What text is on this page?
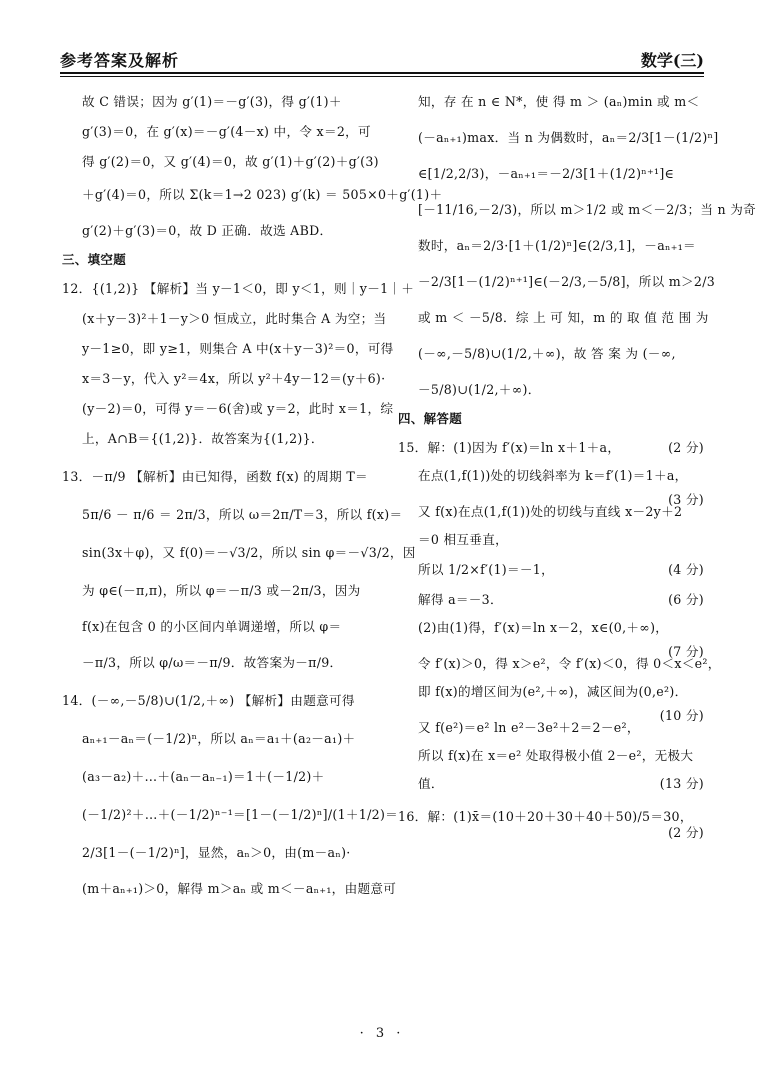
参考答案及解析	数学(三)

故 C 错误；因为 g′(1)＝－g′(3)，得 g′(1)＋

g′(3)＝0，在 g′(x)＝－g′(4－x) 中，令 x＝2，可

得 g′(2)＝0，又 g′(4)＝0，故 g′(1)＋g′(2)＋g′(3)

＋g′(4)＝0，所以 Σ(k＝1→2 023) g′(k) ＝ 505×0＋g′(1)＋

g′(2)＋g′(3)＝0，故 D 正确．故选 ABD．

三、填空题

12．{(1,2)} 【解析】当 y－1＜0，即 y＜1，则｜y－1｜＋

(x＋y－3)²＋1－y＞0 恒成立，此时集合 A 为空；当

y－1≥0，即 y≥1，则集合 A 中(x＋y－3)²＝0，可得

x＝3－y，代入 y²＝4x，所以 y²＋4y－12＝(y＋6)·

(y－2)＝0，可得 y＝－6(舍)或 y＝2，此时 x＝1，综

上，A∩B＝{(1,2)}．故答案为{(1,2)}．

13．－π/9 【解析】由已知得，函数 f(x) 的周期 T＝

5π/6 － π/6 ＝ 2π/3，所以 ω＝2π/T＝3，所以 f(x)＝

sin(3x＋φ)，又 f(0)＝－√3/2，所以 sin φ＝－√3/2，因

为 φ∈(－π,π)，所以 φ＝－π/3 或－2π/3，因为

f(x)在包含 0 的小区间内单调递增，所以 φ＝

－π/3，所以 φ/ω＝－π/9．故答案为－π/9．

14．(－∞,－5/8)∪(1/2,＋∞) 【解析】由题意可得

aₙ₊₁－aₙ＝(－1/2)ⁿ，所以 aₙ＝a₁＋(a₂－a₁)＋

(a₃－a₂)＋…＋(aₙ－aₙ₋₁)＝1＋(－1/2)＋

(－1/2)²＋…＋(－1/2)ⁿ⁻¹＝[1－(－1/2)ⁿ]/(1＋1/2)＝

2/3[1－(－1/2)ⁿ]，显然，aₙ＞0，由(m－aₙ)·

(m＋aₙ₊₁)＞0，解得 m＞aₙ 或 m＜－aₙ₊₁，由题意可

知，存 在 n ∈ N*，使 得 m ＞ (aₙ)min 或 m＜

(－aₙ₊₁)max．当 n 为偶数时，aₙ＝2/3[1－(1/2)ⁿ]

∈[1/2,2/3)，－aₙ₊₁＝－2/3[1＋(1/2)ⁿ⁺¹]∈

[－11/16,－2/3)，所以 m＞1/2 或 m＜－2/3；当 n 为奇

数时，aₙ＝2/3·[1＋(1/2)ⁿ]∈(2/3,1]，－aₙ₊₁＝

－2/3[1－(1/2)ⁿ⁺¹]∈(－2/3,－5/8]，所以 m＞2/3

或 m ＜ －5/8．综 上 可 知，m 的 取 值 范 围 为

(－∞,－5/8)∪(1/2,＋∞)，故 答 案 为 (－∞,

－5/8)∪(1/2,＋∞)．

四、解答题

15．解：(1)因为 f′(x)＝ln x＋1＋a，	(2 分)

在点(1,f(1))处的切线斜率为 k＝f′(1)＝1＋a，

(3 分)

又 f(x)在点(1,f(1))处的切线与直线 x－2y＋2

＝0 相互垂直，

所以 1/2×f′(1)＝－1，	(4 分)

解得 a＝－3．	(6 分)

(2)由(1)得，f′(x)＝ln x－2，x∈(0,＋∞)，

(7 分)

令 f′(x)＞0，得 x＞e²，令 f′(x)＜0，得 0＜x＜e²，

即 f(x)的增区间为(e²,＋∞)，减区间为(0,e²)．

(10 分)

又 f(e²)＝e² ln e²－3e²＋2＝2－e²，

所以 f(x)在 x＝e² 处取得极小值 2－e²，无极大

值．	(13 分)

16．解：(1)x̄＝(10＋20＋30＋40＋50)/5＝30，
(2 分)

· 3 ·
